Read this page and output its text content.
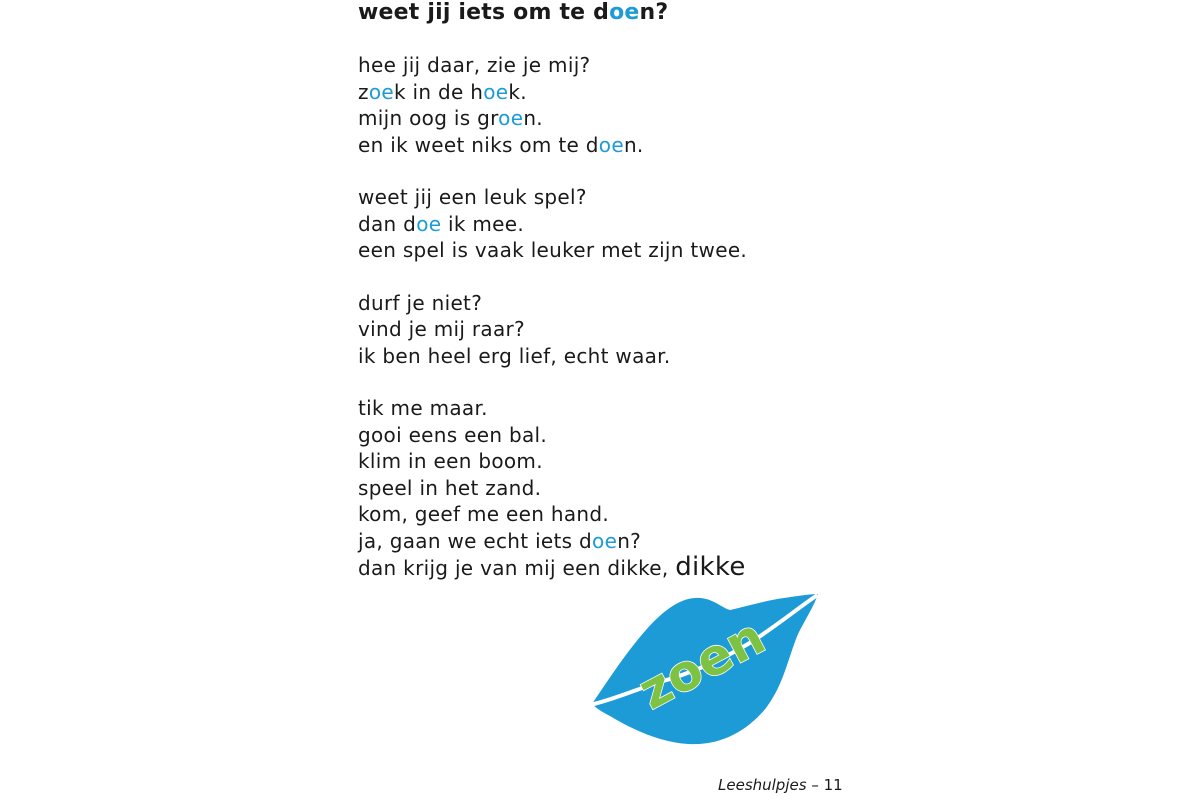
weet jij iets om te doen?
hee jij daar, zie je mij?
zoek in de hoek.
mijn oog is groen.
en ik weet niks om te doen.
weet jij een leuk spel?
dan doe ik mee.
een spel is vaak leuker met zijn twee.
durf je niet?
vind je mij raar?
ik ben heel erg lief, echt waar.
tik me maar.
gooi eens een bal.
klim in een boom.
speel in het zand.
kom, geef me een hand.
ja, gaan we echt iets doen?
dan krijg je van mij een dikke, dikke
zoen
Leeshulpjes – 11
